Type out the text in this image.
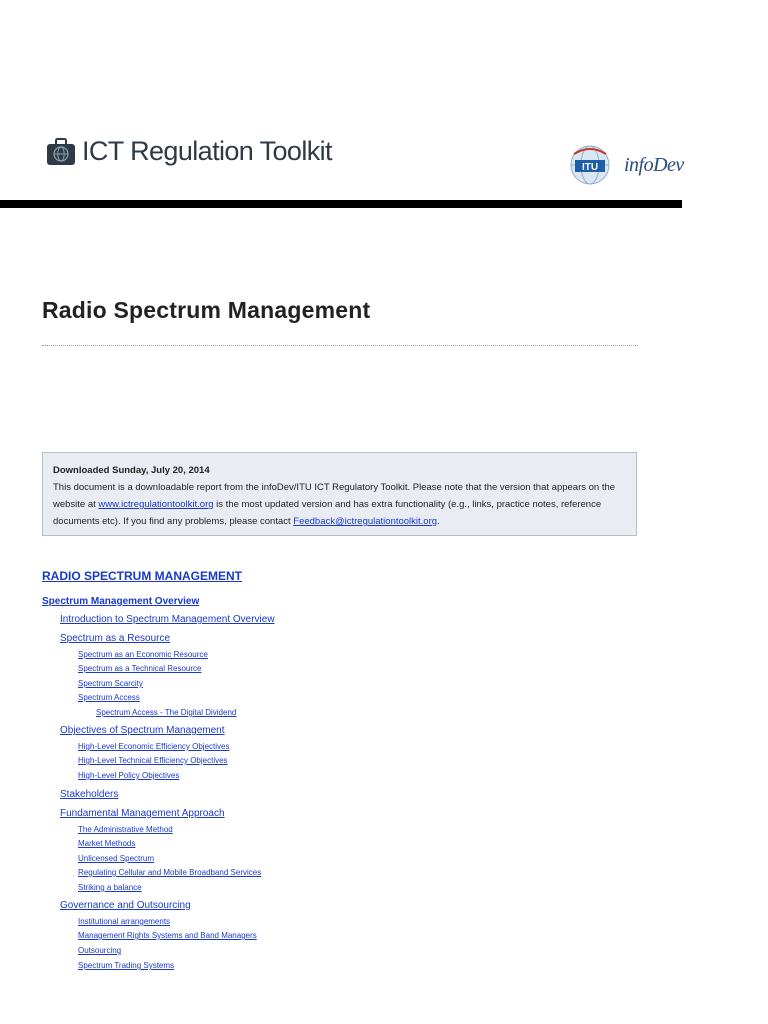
ICT Regulation Toolkit
ITU infoDev
Radio Spectrum Management
Downloaded Sunday, July 20, 2014
This document is a downloadable report from the infoDev/ITU ICT Regulatory Toolkit. Please note that the version that appears on the website at www.ictregulationtoolkit.org is the most updated version and has extra functionality (e.g., links, practice notes, reference documents etc). If you find any problems, please contact Feedback@ictregulationtoolkit.org.
RADIO SPECTRUM MANAGEMENT
Spectrum Management Overview
Introduction to Spectrum Management Overview
Spectrum as a Resource
Spectrum as an Economic Resource
Spectrum as a Technical Resource
Spectrum Scarcity
Spectrum Access
Spectrum Access - The Digital Dividend
Objectives of Spectrum Management
High-Level Economic Efficiency Objectives
High-Level Technical Efficiency Objectives
High-Level Policy Objectives
Stakeholders
Fundamental Management Approach
The Administrative Method
Market Methods
Unlicensed Spectrum
Regulating Cellular and Mobile Broadband Services
Striking a balance
Governance and Outsourcing
Institutional arrangements
Management Rights Systems and Band Managers
Outsourcing
Spectrum Trading Systems
